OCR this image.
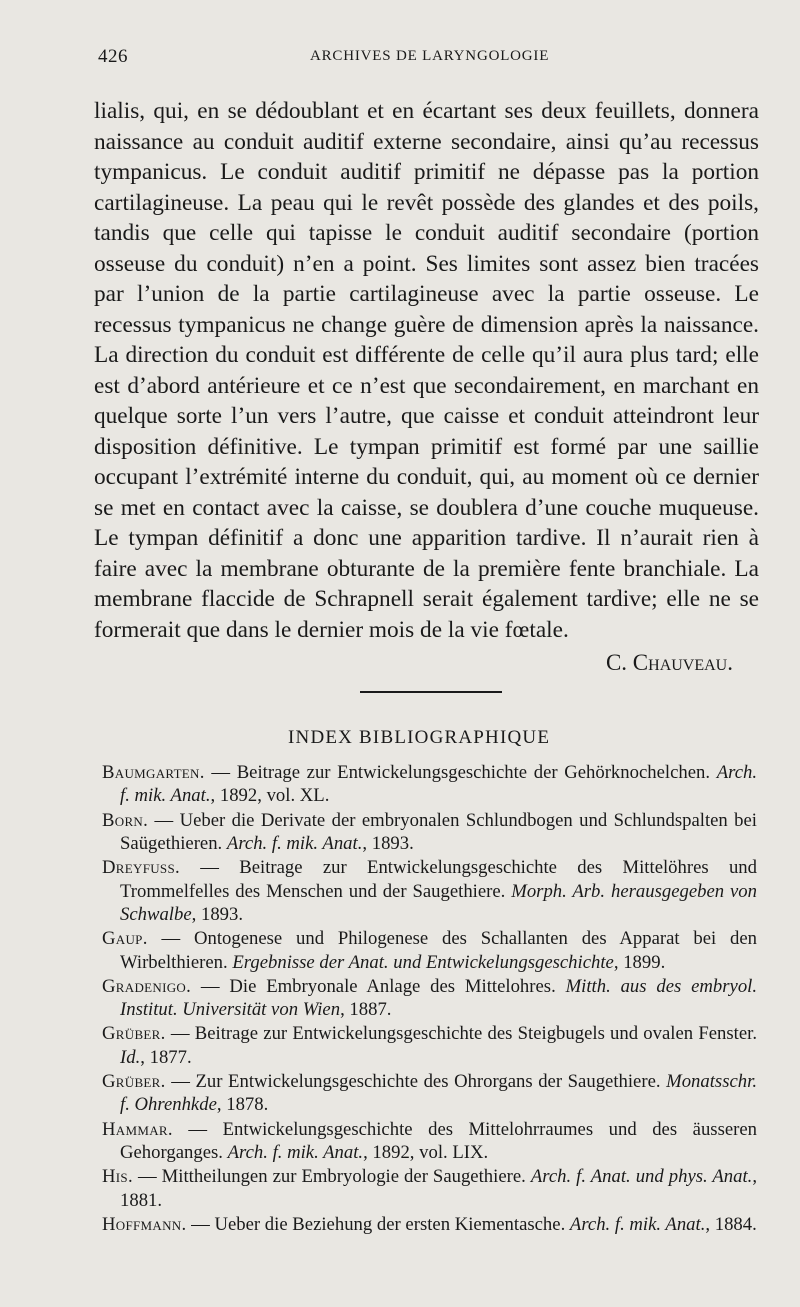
426	ARCHIVES DE LARYNGOLOGIE

lialis, qui, en se dédoublant et en écartant ses deux feuillets, donnera naissance au conduit auditif externe secondaire, ainsi qu’au recessus tympanicus. Le conduit auditif primitif ne dépasse pas la portion cartilagineuse. La peau qui le revêt possède des glandes et des poils, tandis que celle qui tapisse le conduit auditif secondaire (portion osseuse du conduit) n’en a point. Ses limites sont assez bien tracées par l’union de la partie cartilagineuse avec la partie osseuse. Le recessus tympanicus ne change guère de dimension après la naissance. La direction du conduit est différente de celle qu’il aura plus tard; elle est d’abord antérieure et ce n’est que secondairement, en marchant en quelque sorte l’un vers l’autre, que caisse et conduit atteindront leur disposition définitive. Le tympan primitif est formé par une saillie occupant l’extrémité interne du conduit, qui, au moment où ce dernier se met en contact avec la caisse, se doublera d’une couche muqueuse. Le tympan définitif a donc une apparition tardive. Il n’aurait rien à faire avec la membrane obturante de la première fente branchiale. La membrane flaccide de Schrapnell serait également tardive; elle ne se formerait que dans le dernier mois de la vie fœtale.

C. Chauveau.

INDEX BIBLIOGRAPHIQUE
Baumgarten. — Beitrage zur Entwickelungsgeschichte der Gehörknochelchen. Arch. f. mik. Anat., 1892, vol. XL.
Born. — Ueber die Derivate der embryonalen Schlundbogen und Schlundspalten bei Saügethieren. Arch. f. mik. Anat., 1893.
Dreyfuss. — Beitrage zur Entwickelungsgeschichte des Mittelöhres und Trommelfelles des Menschen und der Saugethiere. Morph. Arb. herausgegeben von Schwalbe, 1893.
Gaup. — Ontogenese und Philogenese des Schallanten des Apparat bei den Wirbelthieren. Ergebnisse der Anat. und Entwickelungsgeschichte, 1899.
Gradenigo. — Die Embryonale Anlage des Mittelohres. Mitth. aus des embryol. Institut. Universität von Wien, 1887.
Grüber. — Beitrage zur Entwickelungsgeschichte des Steigbugels und ovalen Fenster. Id., 1877.
Grüber. — Zur Entwickelungsgeschichte des Ohrorgans der Saugethiere. Monatsschr. f. Ohrenhkde, 1878.
Hammar. — Entwickelungsgeschichte des Mittelohrraumes und des äusseren Gehorganges. Arch. f. mik. Anat., 1892, vol. LIX.
His. — Mittheilungen zur Embryologie der Saugethiere. Arch. f. Anat. und phys. Anat., 1881.
Hoffmann. — Ueber die Beziehung der ersten Kiementasche. Arch. f. mik. Anat., 1884.
